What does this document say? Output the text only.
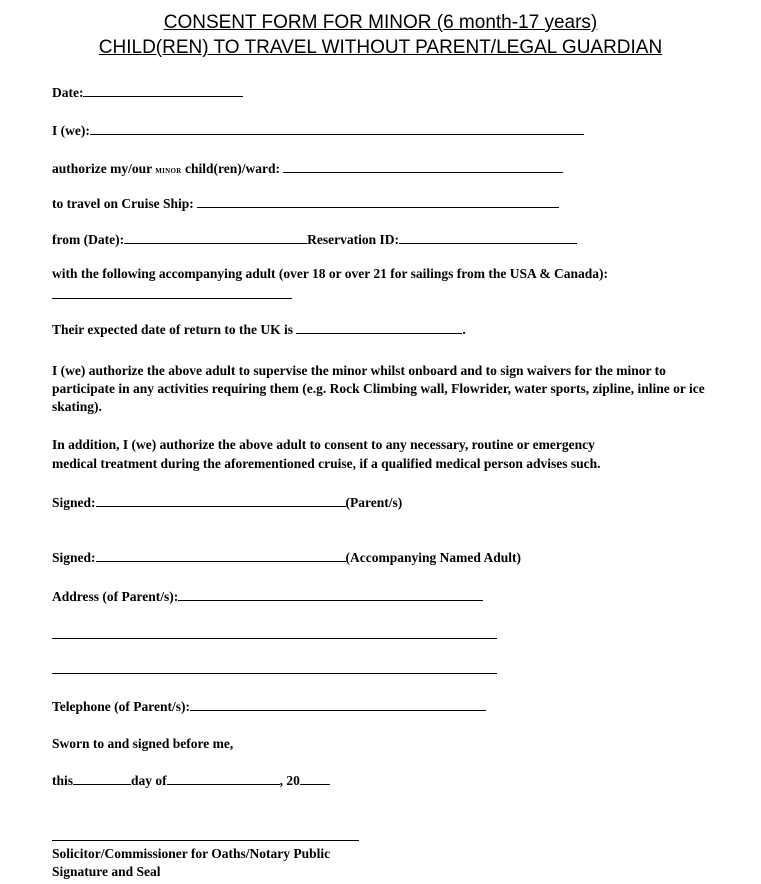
CONSENT FORM FOR MINOR (6 month-17 years)
CHILD(REN) TO TRAVEL WITHOUT PARENT/LEGAL GUARDIAN
Date:
I (we):
authorize my/our MINOR child(ren)/ward:
to travel on Cruise Ship:
from (Date):	Reservation ID:
with the following accompanying adult (over 18 or over 21 for sailings from the USA & Canada):
Their expected date of return to the UK is	.
I (we) authorize the above adult to supervise the minor whilst onboard and to sign waivers for the minor to participate in any activities requiring them (e.g. Rock Climbing wall, Flowrider, water sports, zipline, inline or ice skating).
In addition, I (we) authorize the above adult to consent to any necessary, routine or emergency
medical treatment during the aforementioned cruise, if a qualified medical person advises such.
Signed:	(Parent/s)
Signed:	(Accompanying Named Adult)
Address (of Parent/s):
Telephone (of Parent/s):
Sworn to and signed before me,
this	day of	, 20
Solicitor/Commissioner for Oaths/Notary Public
Signature and Seal
